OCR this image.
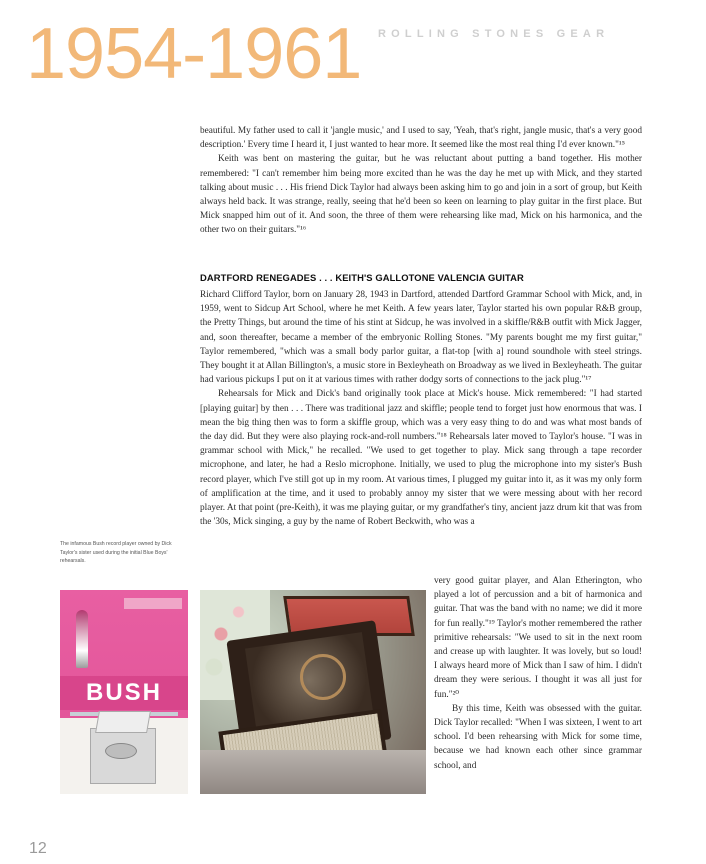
1954-1961 ROLLING STONES GEAR

beautiful. My father used to call it 'jangle music,' and I used to say, 'Yeah, that's right, jangle music, that's a very good description.' Every time I heard it, I just wanted to hear more. It seemed like the most real thing I'd ever known."¹⁵

Keith was bent on mastering the guitar, but he was reluctant about putting a band together. His mother remembered: "I can't remember him being more excited than he was the day he met up with Mick, and they started talking about music . . . His friend Dick Taylor had always been asking him to go and join in a sort of group, but Keith always held back. It was strange, really, seeing that he'd been so keen on learning to play guitar in the first place. But Mick snapped him out of it. And soon, the three of them were rehearsing like mad, Mick on his harmonica, and the other two on their guitars."¹⁶

DARTFORD RENEGADES . . . KEITH'S GALLOTONE VALENCIA GUITAR

Richard Clifford Taylor, born on January 28, 1943 in Dartford, attended Dartford Grammar School with Mick, and, in 1959, went to Sidcup Art School, where he met Keith. A few years later, Taylor started his own popular R&B group, the Pretty Things, but around the time of his stint at Sidcup, he was involved in a skiffle/R&B outfit with Mick Jagger, and, soon thereafter, became a member of the embryonic Rolling Stones. "My parents bought me my first guitar," Taylor remembered, "which was a small body parlor guitar, a flat-top [with a] round soundhole with steel strings. They bought it at Allan Billington's, a music store in Bexleyheath on Broadway as we lived in Bexleyheath. The guitar had various pickups I put on it at various times with rather dodgy sorts of connections to the jack plug."¹⁷

Rehearsals for Mick and Dick's band originally took place at Mick's house. Mick remembered: "I had started [playing guitar] by then . . . There was traditional jazz and skiffle; people tend to forget just how enormous that was. I mean the big thing then was to form a skiffle group, which was a very easy thing to do and was what most bands of the day did. But they were also playing rock-and-roll numbers."¹⁸ Rehearsals later moved to Taylor's house. "I was in grammar school with Mick," he recalled. "We used to get together to play. Mick sang through a tape recorder microphone, and later, he had a Reslo microphone. Initially, we used to plug the microphone into my sister's Bush record player, which I've still got up in my room. At various times, I plugged my guitar into it, as it was my only form of amplification at the time, and it used to probably annoy my sister that we were messing about with her record player. At that point (pre-Keith), it was me playing guitar, or my grandfather's tiny, ancient jazz drum kit that was from the '30s, Mick singing, a guy by the name of Robert Beckwith, who was a

The infamous Bush record player owned by Dick Taylor's sister used during the initial Blue Boys' rehearsals.
BUSH

very good guitar player, and Alan Etherington, who played a lot of percussion and a bit of harmonica and guitar. That was the band with no name; we did it more for fun really."¹⁹ Taylor's mother remembered the rather primitive rehearsals: "We used to sit in the next room and crease up with laughter. It was lovely, but so loud! I always heard more of Mick than I saw of him. I didn't dream they were serious. I thought it was all just for fun."²⁰

By this time, Keith was obsessed with the guitar. Dick Taylor recalled: "When I was sixteen, I went to art school. I'd been rehearsing with Mick for some time, because we had known each other since grammar school, and

12
